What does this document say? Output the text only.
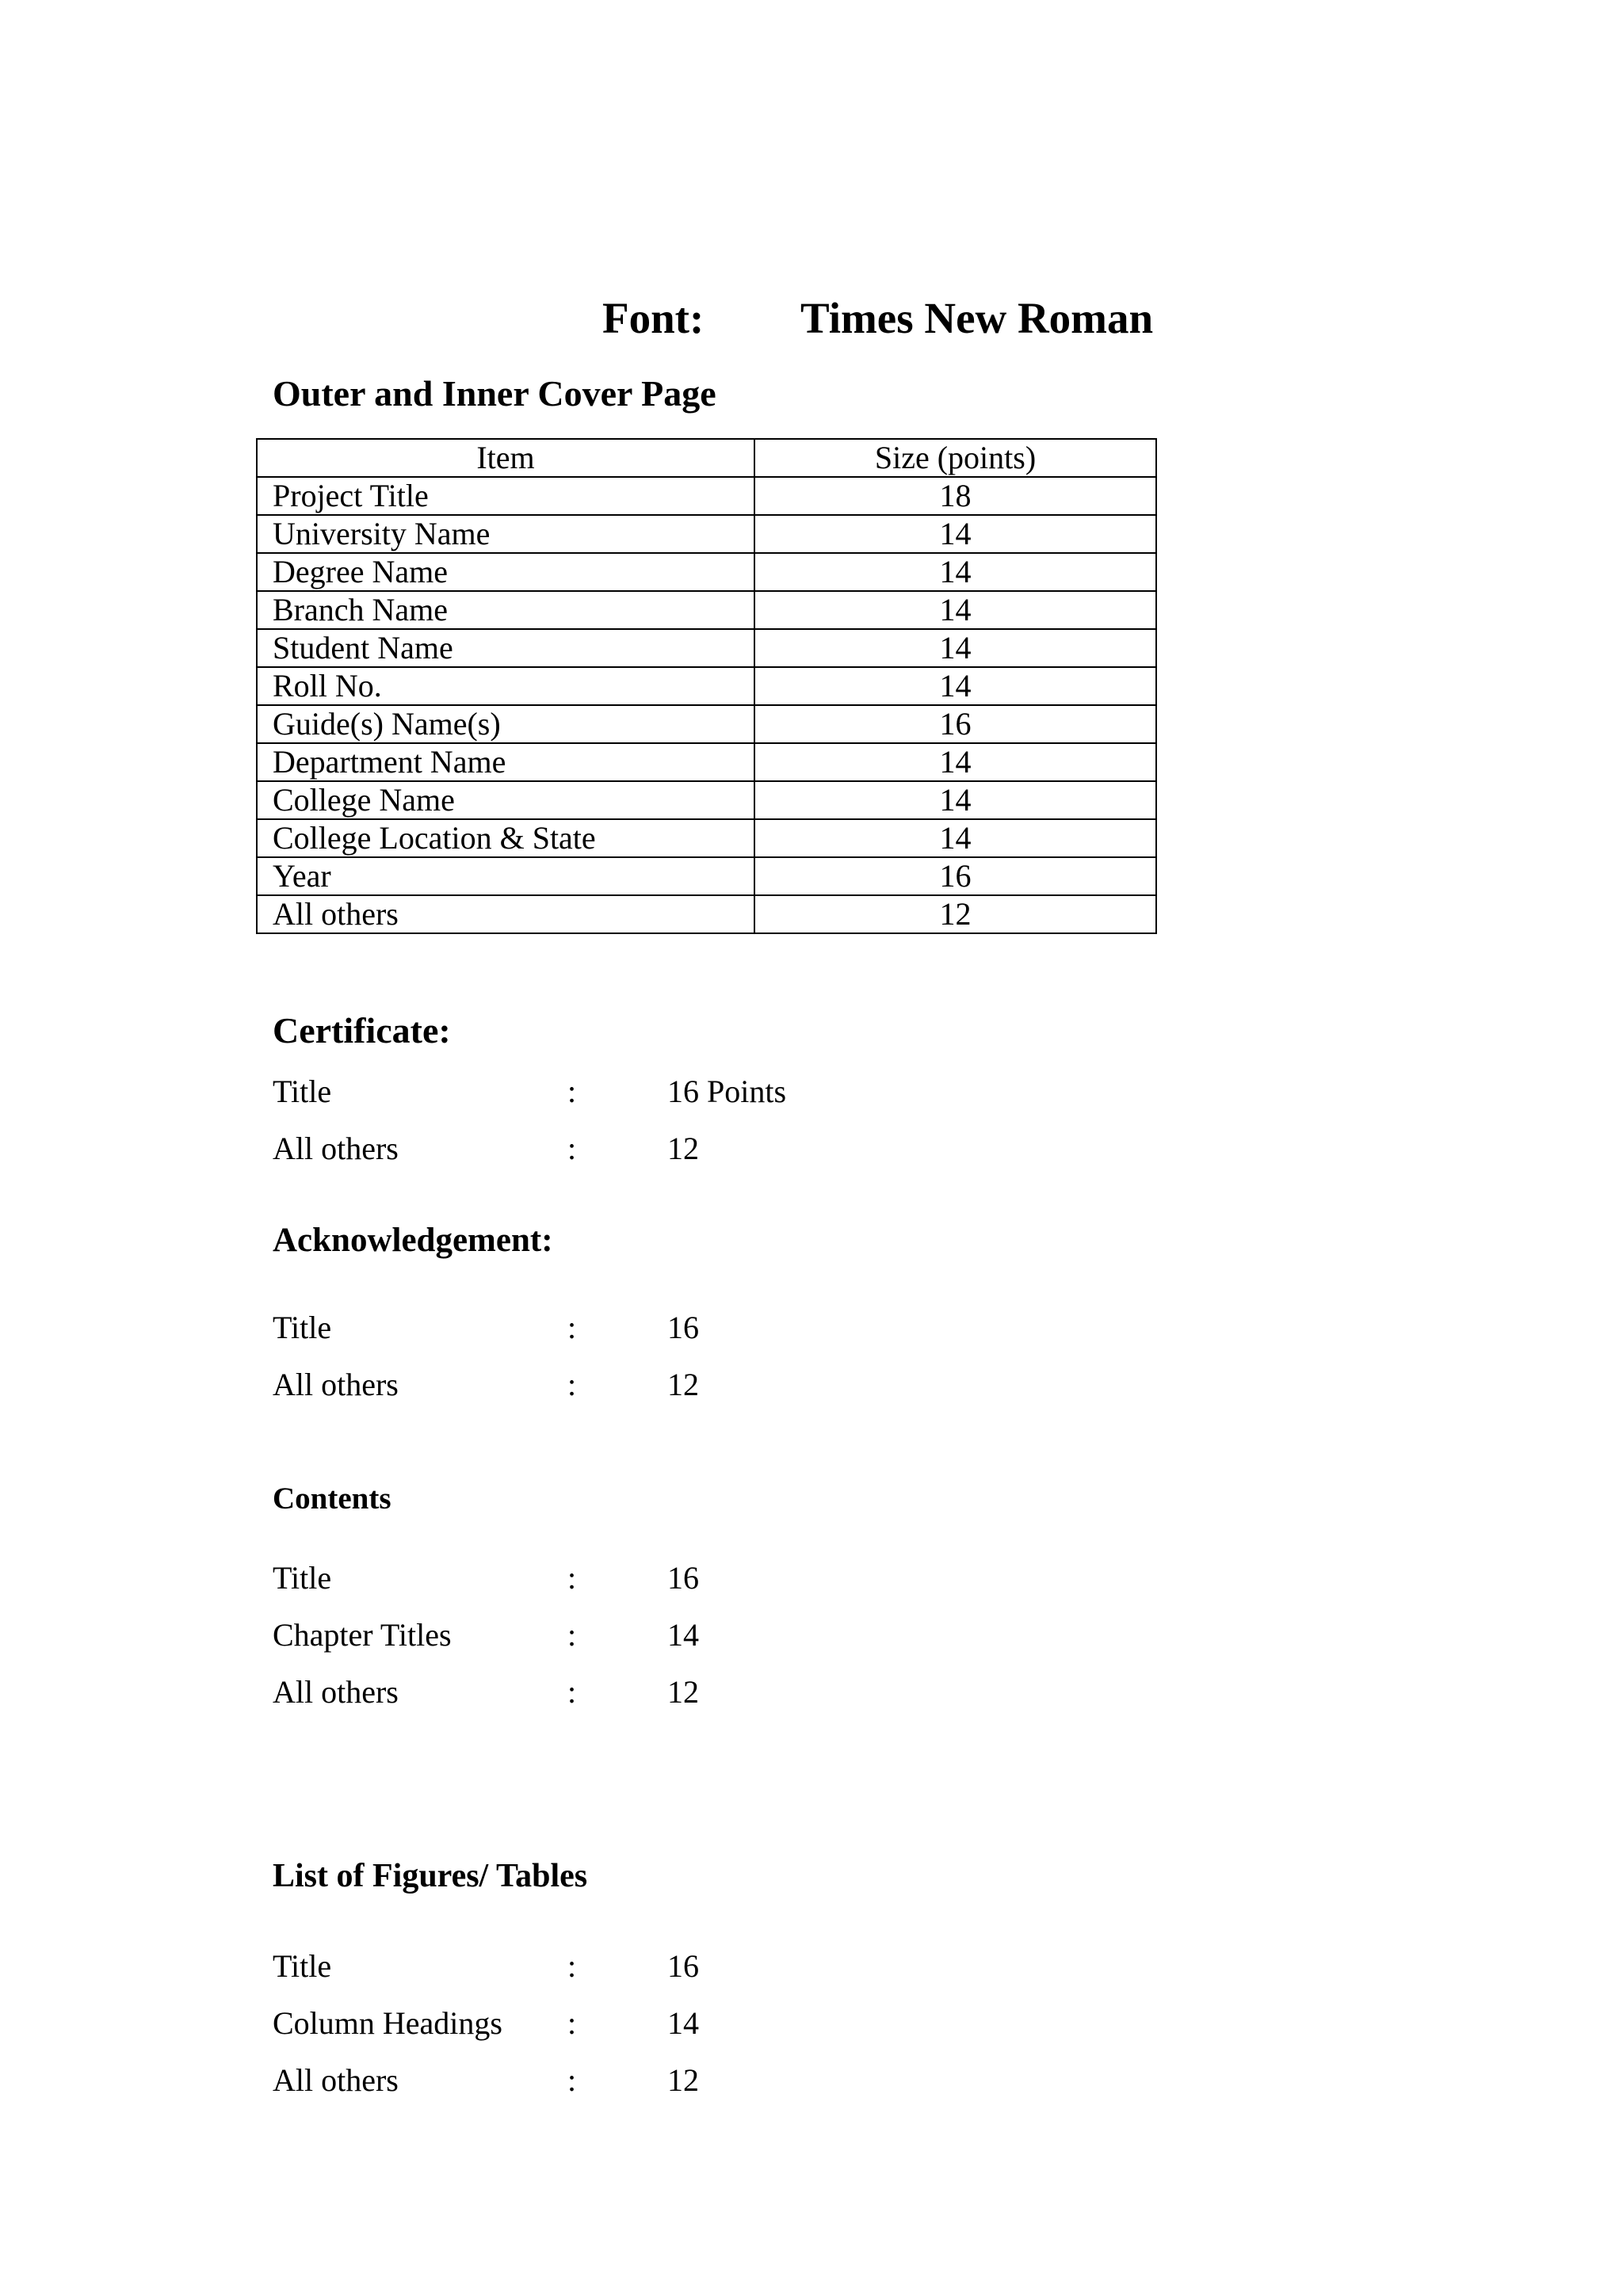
Font: Times New Roman
Outer and Inner Cover Page
Item	Size (points)
Project Title	18
University Name	14
Degree Name	14
Branch Name	14
Student Name	14
Roll No.	14
Guide(s) Name(s)	16
Department Name	14
College Name	14
College Location & State	14
Year	16
All others	12
Certificate:
Title	:	16 Points
All others	:	12
Acknowledgement:
Title	:	16
All others	:	12
Contents
Title	:	16
Chapter Titles	:	14
All others	:	12
List of Figures/ Tables
Title	:	16
Column Headings :	14
All others	:	12
